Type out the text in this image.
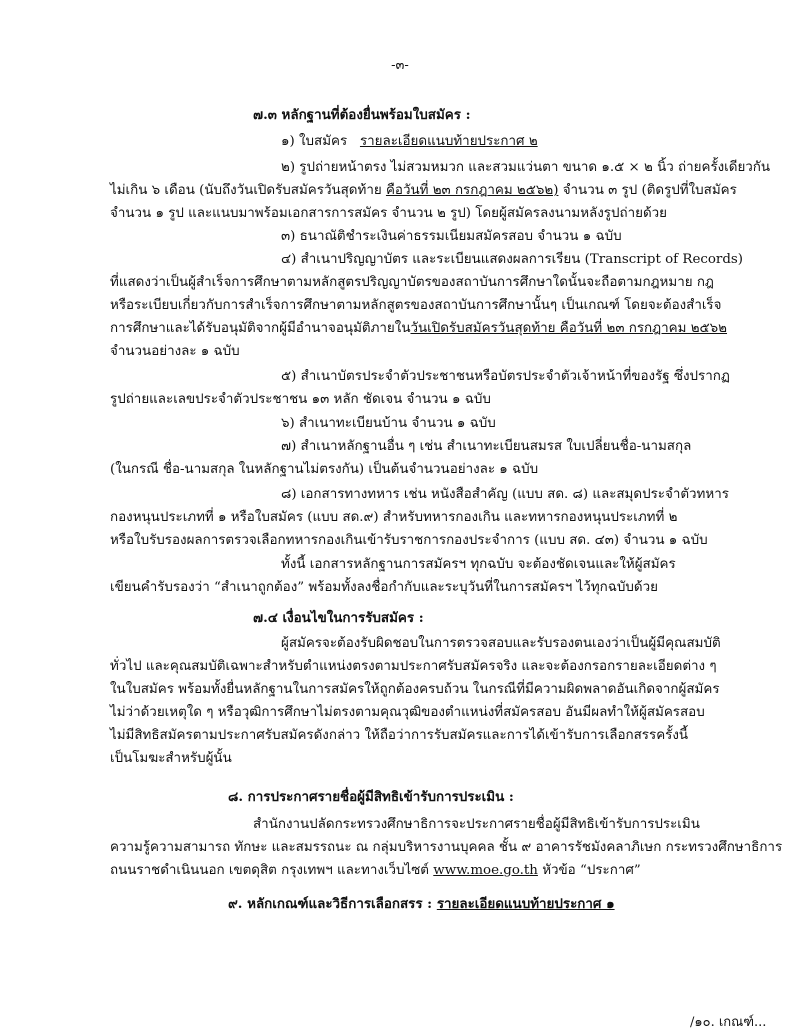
-๓-
๗.๓ หลักฐานที่ต้องยื่นพร้อมใบสมัคร :
๑) ใบสมัคร รายละเอียดแนบท้ายประกาศ ๒
๒) รูปถ่ายหน้าตรง ไม่สวมหมวก และสวมแว่นตา ขนาด ๑.๕ × ๒ นิ้ว ถ่ายครั้งเดียวกัน
ไม่เกิน ๖ เดือน (นับถึงวันเปิดรับสมัครวันสุดท้าย คือวันที่ ๒๓ กรกฎาคม ๒๕๖๒) จำนวน ๓ รูป (ติดรูปที่ใบสมัคร
จำนวน ๑ รูป และแนบมาพร้อมเอกสารการสมัคร จำนวน ๒ รูป) โดยผู้สมัครลงนามหลังรูปถ่ายด้วย
๓) ธนาณัติชำระเงินค่าธรรมเนียมสมัครสอบ จำนวน ๑ ฉบับ
๔) สำเนาปริญญาบัตร และระเบียนแสดงผลการเรียน (Transcript of Records)
ที่แสดงว่าเป็นผู้สำเร็จการศึกษาตามหลักสูตรปริญญาบัตรของสถาบันการศึกษาใดนั้นจะถือตามกฎหมาย กฎ
หรือระเบียบเกี่ยวกับการสำเร็จการศึกษาตามหลักสูตรของสถาบันการศึกษานั้นๆ เป็นเกณฑ์ โดยจะต้องสำเร็จ
การศึกษาและได้รับอนุมัติจากผู้มีอำนาจอนุมัติภายในวันเปิดรับสมัครวันสุดท้าย คือวันที่ ๒๓ กรกฎาคม ๒๕๖๒
จำนวนอย่างละ ๑ ฉบับ
๕) สำเนาบัตรประจำตัวประชาชนหรือบัตรประจำตัวเจ้าหน้าที่ของรัฐ ซึ่งปรากฏ
รูปถ่ายและเลขประจำตัวประชาชน ๑๓ หลัก ชัดเจน จำนวน ๑ ฉบับ
๖) สำเนาทะเบียนบ้าน จำนวน ๑ ฉบับ
๗) สำเนาหลักฐานอื่น ๆ เช่น สำเนาทะเบียนสมรส ใบเปลี่ยนชื่อ-นามสกุล
(ในกรณี ชื่อ-นามสกุล ในหลักฐานไม่ตรงกัน) เป็นต้นจำนวนอย่างละ ๑ ฉบับ
๘) เอกสารทางทหาร เช่น หนังสือสำคัญ (แบบ สด. ๘) และสมุดประจำตัวทหาร
กองหนุนประเภทที่ ๑ หรือใบสมัคร (แบบ สด.๙) สำหรับทหารกองเกิน และทหารกองหนุนประเภทที่ ๒
หรือใบรับรองผลการตรวจเลือกทหารกองเกินเข้ารับราชการกองประจำการ (แบบ สด. ๔๓) จำนวน ๑ ฉบับ
ทั้งนี้ เอกสารหลักฐานการสมัครฯ ทุกฉบับ จะต้องชัดเจนและให้ผู้สมัคร
เขียนคำรับรองว่า “สำเนาถูกต้อง” พร้อมทั้งลงชื่อกำกับและระบุวันที่ในการสมัครฯ ไว้ทุกฉบับด้วย
๗.๔ เงื่อนไขในการรับสมัคร :
ผู้สมัครจะต้องรับผิดชอบในการตรวจสอบและรับรองตนเองว่าเป็นผู้มีคุณสมบัติ
ทั่วไป และคุณสมบัติเฉพาะสำหรับตำแหน่งตรงตามประกาศรับสมัครจริง และจะต้องกรอกรายละเอียดต่าง ๆ
ในใบสมัคร พร้อมทั้งยื่นหลักฐานในการสมัครให้ถูกต้องครบถ้วน ในกรณีที่มีความผิดพลาดอันเกิดจากผู้สมัคร
ไม่ว่าด้วยเหตุใด ๆ หรือวุฒิการศึกษาไม่ตรงตามคุณวุฒิของตำแหน่งที่สมัครสอบ อันมีผลทำให้ผู้สมัครสอบ
ไม่มีสิทธิสมัครตามประกาศรับสมัครดังกล่าว ให้ถือว่าการรับสมัครและการได้เข้ารับการเลือกสรรครั้งนี้
เป็นโมฆะสำหรับผู้นั้น
๘. การประกาศรายชื่อผู้มีสิทธิเข้ารับการประเมิน :
สำนักงานปลัดกระทรวงศึกษาธิการจะประกาศรายชื่อผู้มีสิทธิเข้ารับการประเมิน
ความรู้ความสามารถ ทักษะ และสมรรถนะ ณ กลุ่มบริหารงานบุคคล ชั้น ๙ อาคารรัชมังคลาภิเษก กระทรวงศึกษาธิการ
ถนนราชดำเนินนอก เขตดุสิต กรุงเทพฯ และทางเว็บไซต์ www.moe.go.th หัวข้อ “ประกาศ”
๙. หลักเกณฑ์และวิธีการเลือกสรร : รายละเอียดแนบท้ายประกาศ ๑
/๑๐. เกณฑ์...
